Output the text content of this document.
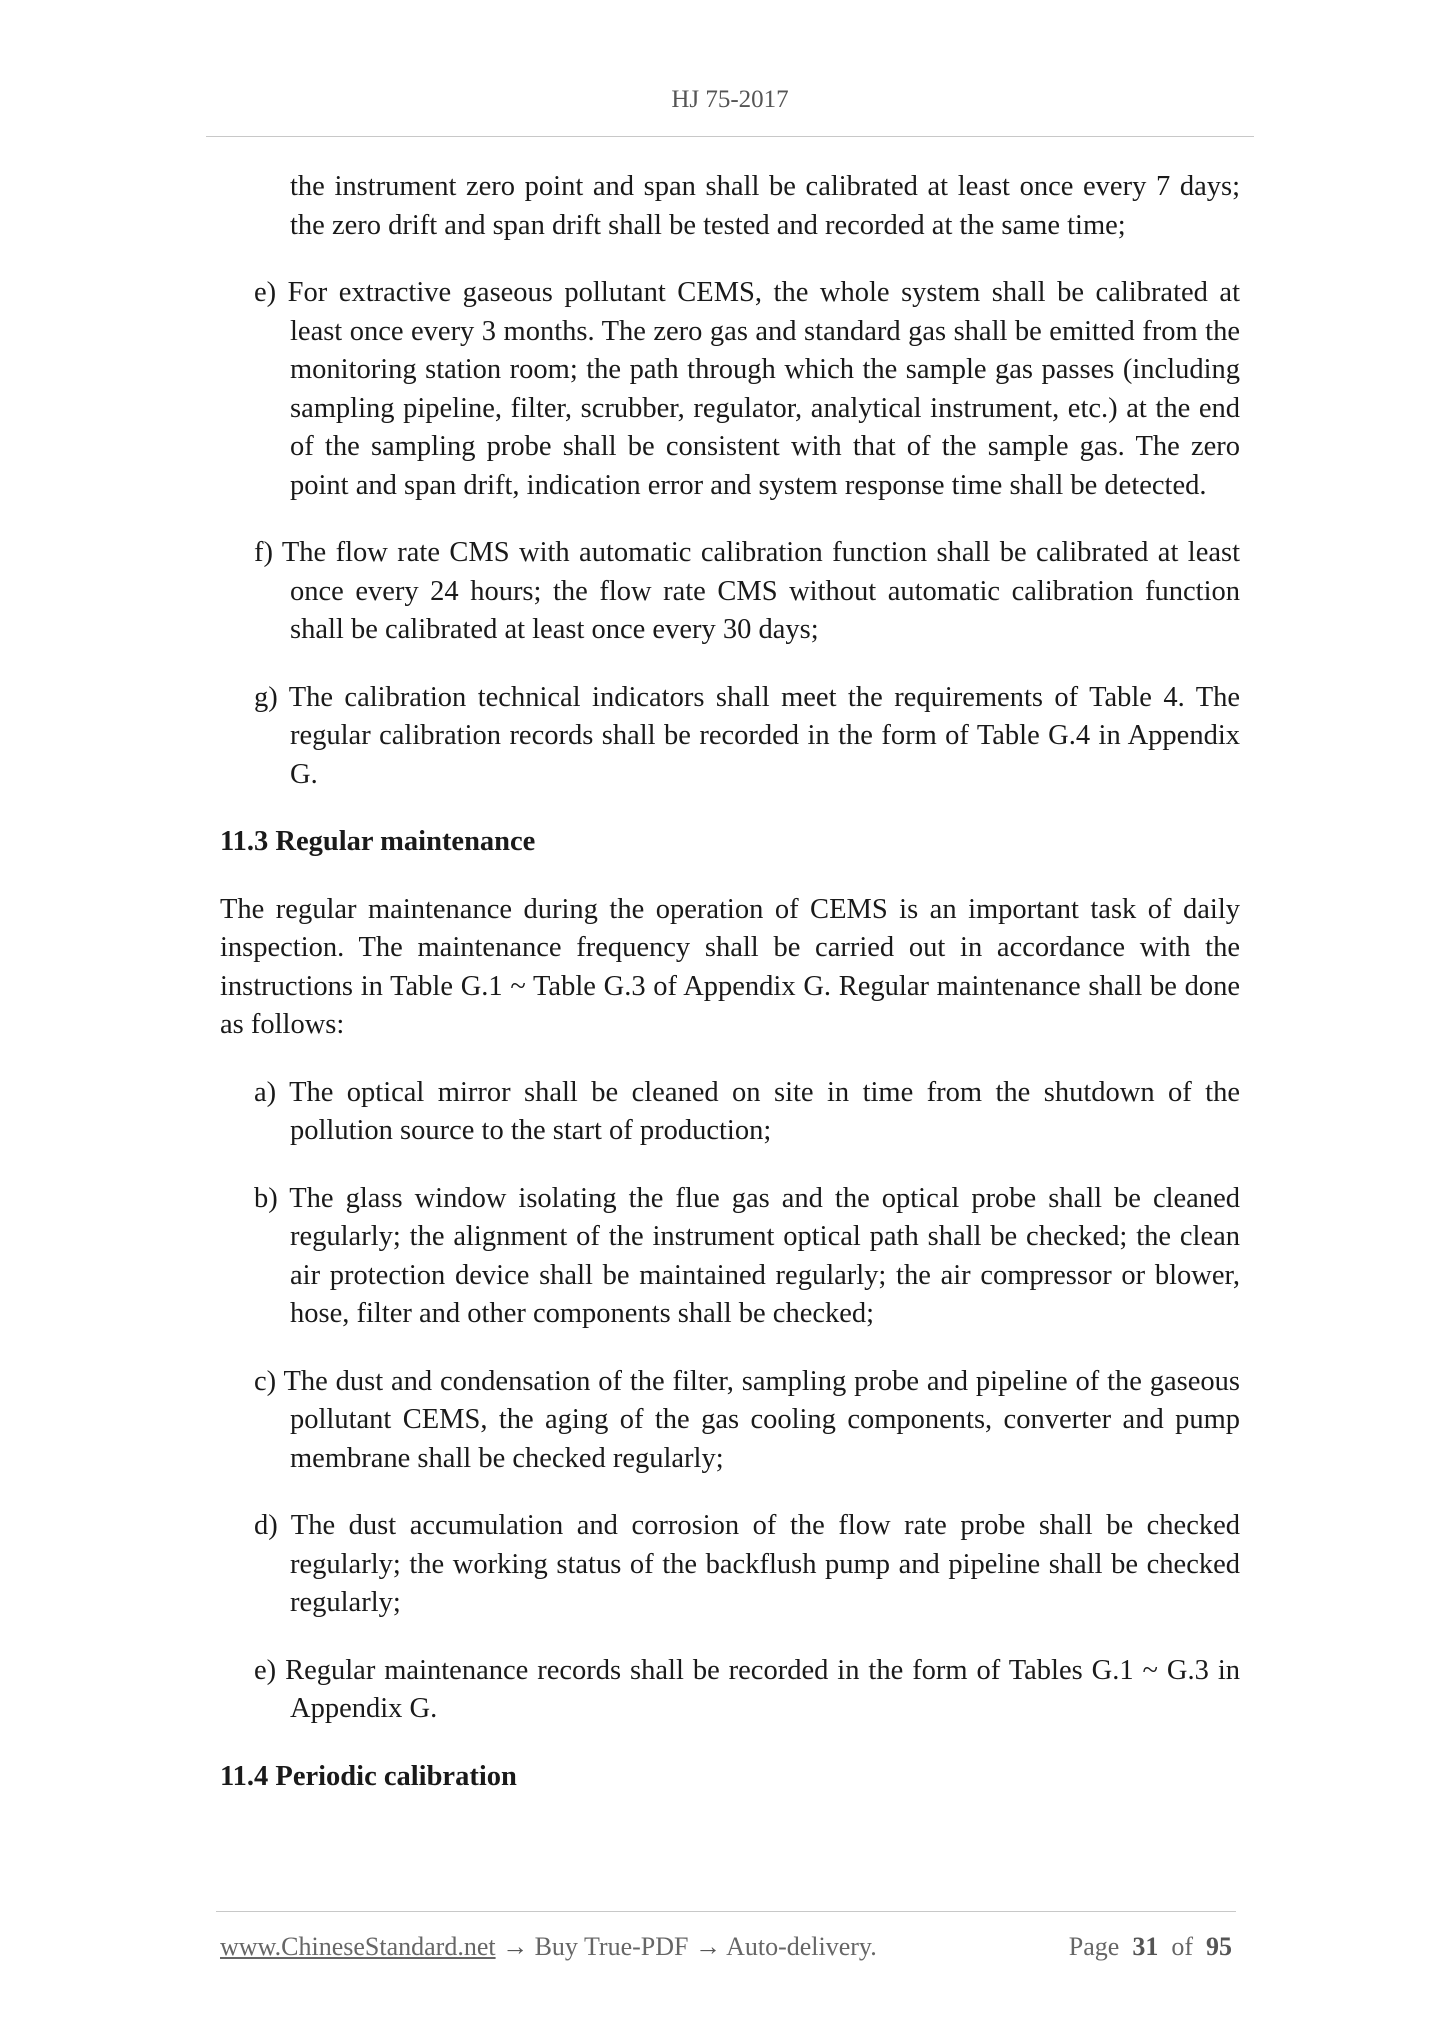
HJ 75-2017
the instrument zero point and span shall be calibrated at least once every 7 days; the zero drift and span drift shall be tested and recorded at the same time;
e) For extractive gaseous pollutant CEMS, the whole system shall be calibrated at least once every 3 months. The zero gas and standard gas shall be emitted from the monitoring station room; the path through which the sample gas passes (including sampling pipeline, filter, scrubber, regulator, analytical instrument, etc.) at the end of the sampling probe shall be consistent with that of the sample gas. The zero point and span drift, indication error and system response time shall be detected.
f) The flow rate CMS with automatic calibration function shall be calibrated at least once every 24 hours; the flow rate CMS without automatic calibration function shall be calibrated at least once every 30 days;
g) The calibration technical indicators shall meet the requirements of Table 4. The regular calibration records shall be recorded in the form of Table G.4 in Appendix G.
11.3 Regular maintenance
The regular maintenance during the operation of CEMS is an important task of daily inspection. The maintenance frequency shall be carried out in accordance with the instructions in Table G.1 ~ Table G.3 of Appendix G. Regular maintenance shall be done as follows:
a) The optical mirror shall be cleaned on site in time from the shutdown of the pollution source to the start of production;
b) The glass window isolating the flue gas and the optical probe shall be cleaned regularly; the alignment of the instrument optical path shall be checked; the clean air protection device shall be maintained regularly; the air compressor or blower, hose, filter and other components shall be checked;
c) The dust and condensation of the filter, sampling probe and pipeline of the gaseous pollutant CEMS, the aging of the gas cooling components, converter and pump membrane shall be checked regularly;
d) The dust accumulation and corrosion of the flow rate probe shall be checked regularly; the working status of the backflush pump and pipeline shall be checked regularly;
e) Regular maintenance records shall be recorded in the form of Tables G.1 ~ G.3 in Appendix G.
11.4 Periodic calibration
www.ChineseStandard.net → Buy True-PDF → Auto-delivery.	Page 31 of 95
